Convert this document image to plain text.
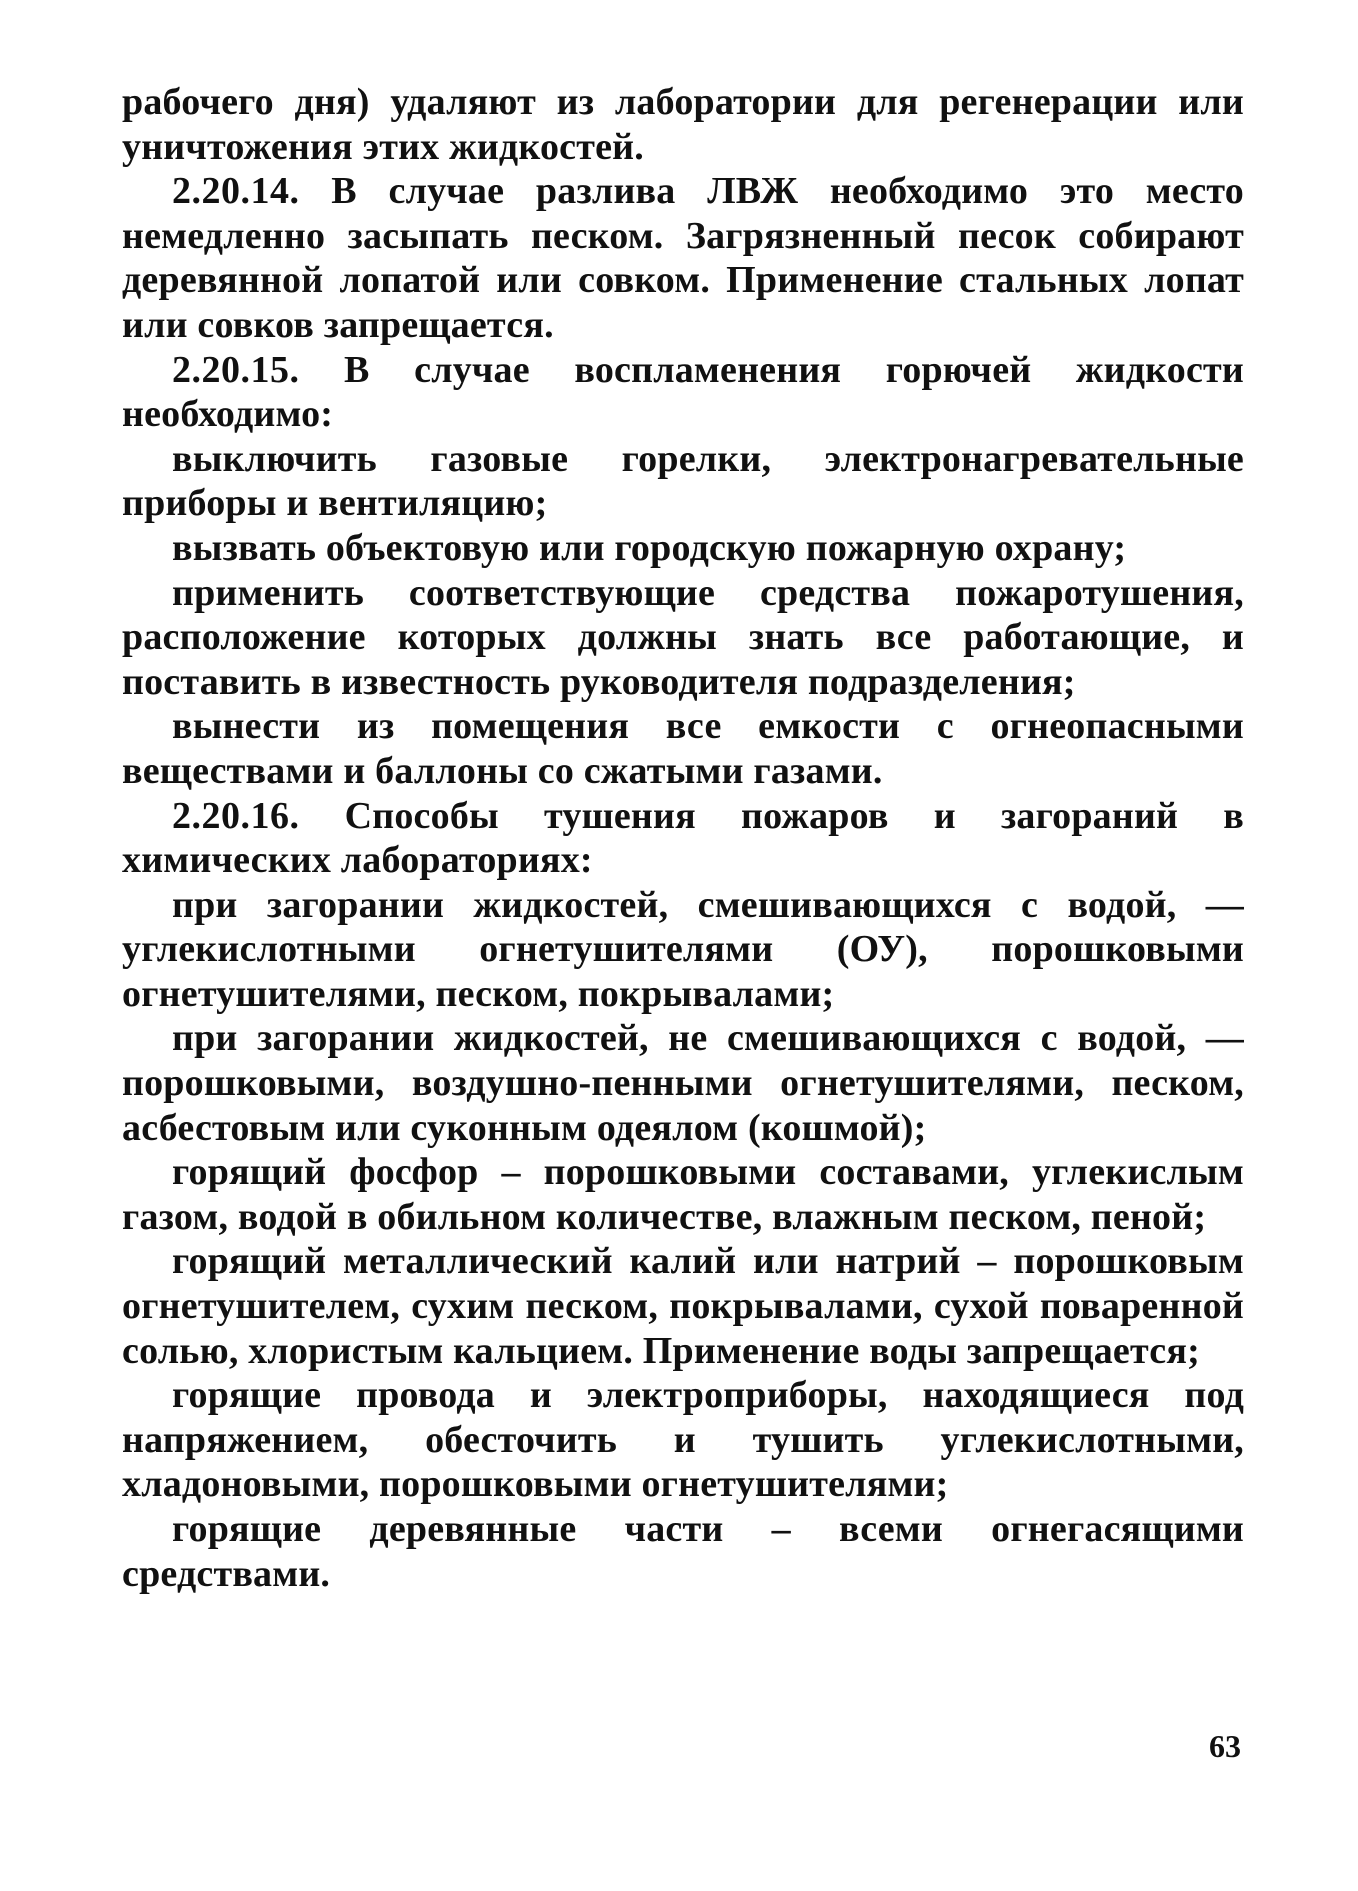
рабочего дня) удаляют из лаборатории для регенерации или уничтожения этих жидкостей.

2.20.14. В случае разлива ЛВЖ необходимо это место немедленно засыпать песком. Загрязненный песок собирают деревянной лопатой или совком. Применение стальных лопат или совков запрещается.

2.20.15. В случае воспламенения горючей жидкости необходимо:

выключить газовые горелки, электронагревательные приборы и вентиляцию;

вызвать объектовую или городскую пожарную охрану;

применить соответствующие средства пожаротушения, расположение которых должны знать все работающие, и поставить в известность руководителя подразделения;

вынести из помещения все емкости с огнеопасными веществами и баллоны со сжатыми газами.

2.20.16. Способы тушения пожаров и загораний в химических лабораториях:

при загорании жидкостей, смешивающихся с водой, — углекислотными огнетушителями (ОУ), порошковыми огнетушителями, песком, покрывалами;

при загорании жидкостей, не смешивающихся с водой, — порошковыми, воздушно-пенными огнетушителями, песком, асбестовым или суконным одеялом (кошмой);

горящий фосфор – порошковыми составами, углекислым газом, водой в обильном количестве, влажным песком, пеной;

горящий металлический калий или натрий – порошковым огнетушителем, сухим песком, покрывалами, сухой поваренной солью, хлористым кальцием. Применение воды запрещается;

горящие провода и электроприборы, находящиеся под напряжением, обесточить и тушить углекислотными, хладоновыми, порошковыми огнетушителями;

горящие деревянные части – всеми огнегасящими средствами.

63
